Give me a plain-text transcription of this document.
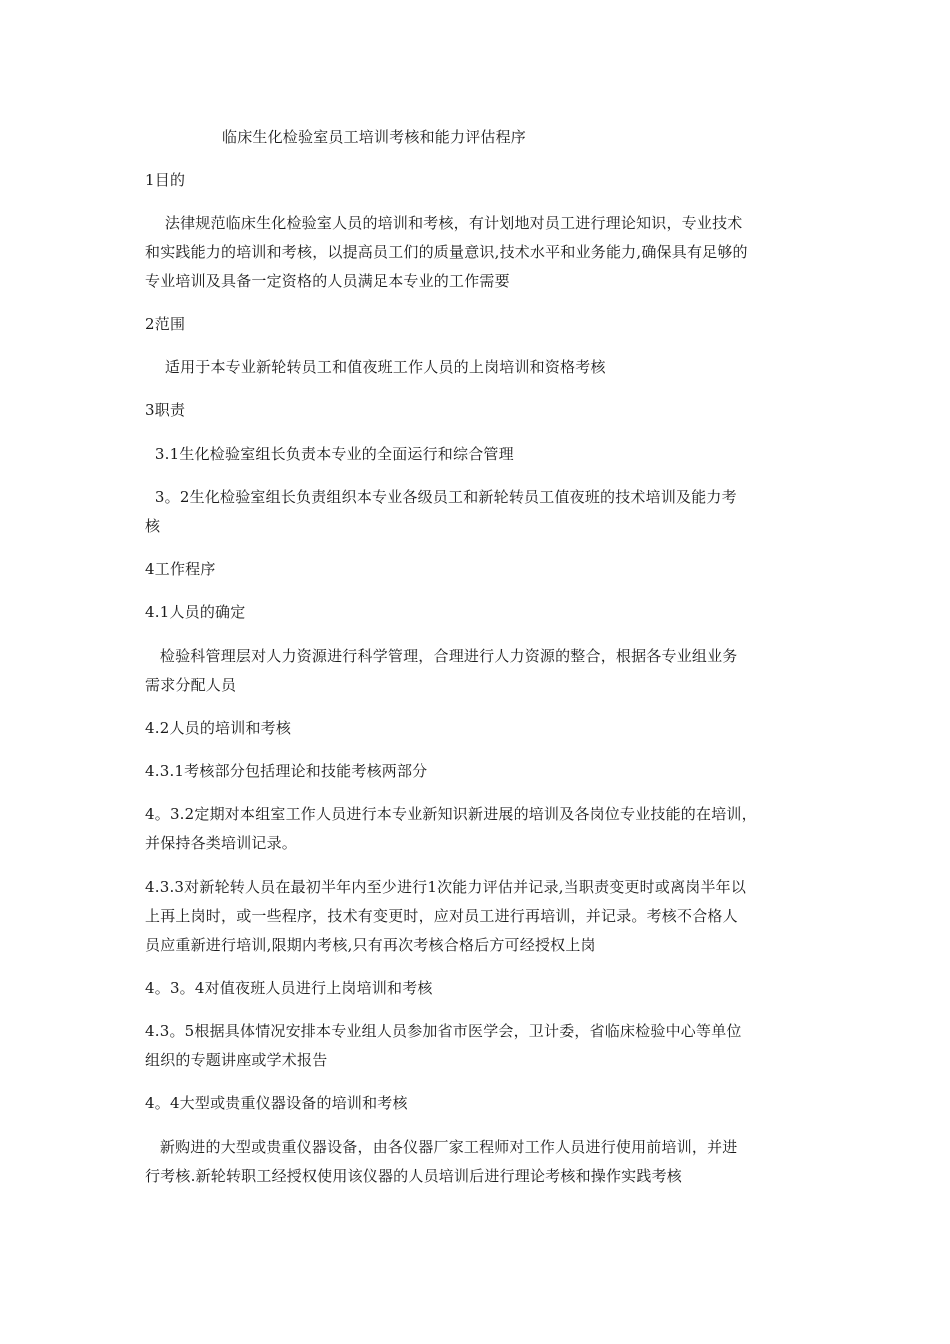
临床生化检验室员工培训考核和能力评估程序
1目的
法律规范临床生化检验室人员的培训和考核，有计划地对员工进行理论知识，专业技术
和实践能力的培训和考核，以提高员工们的质量意识,技术水平和业务能力,确保具有足够的
专业培训及具备一定资格的人员满足本专业的工作需要
2范围
适用于本专业新轮转员工和值夜班工作人员的上岗培训和资格考核
3职责
3.1生化检验室组长负责本专业的全面运行和综合管理
3。2生化检验室组长负责组织本专业各级员工和新轮转员工值夜班的技术培训及能力考
核
4工作程序
4.1人员的确定
检验科管理层对人力资源进行科学管理，合理进行人力资源的整合，根据各专业组业务
需求分配人员
4.2人员的培训和考核
4.3.1考核部分包括理论和技能考核两部分
4。3.2定期对本组室工作人员进行本专业新知识新进展的培训及各岗位专业技能的在培训，
并保持各类培训记录。
4.3.3对新轮转人员在最初半年内至少进行1次能力评估并记录,当职责变更时或离岗半年以
上再上岗时，或一些程序，技术有变更时，应对员工进行再培训，并记录。考核不合格人
员应重新进行培训,限期内考核,只有再次考核合格后方可经授权上岗
4。3。4对值夜班人员进行上岗培训和考核
4.3。5根据具体情况安排本专业组人员参加省市医学会，卫计委，省临床检验中心等单位
组织的专题讲座或学术报告
4。4大型或贵重仪器设备的培训和考核
新购进的大型或贵重仪器设备，由各仪器厂家工程师对工作人员进行使用前培训，并进
行考核.新轮转职工经授权使用该仪器的人员培训后进行理论考核和操作实践考核
